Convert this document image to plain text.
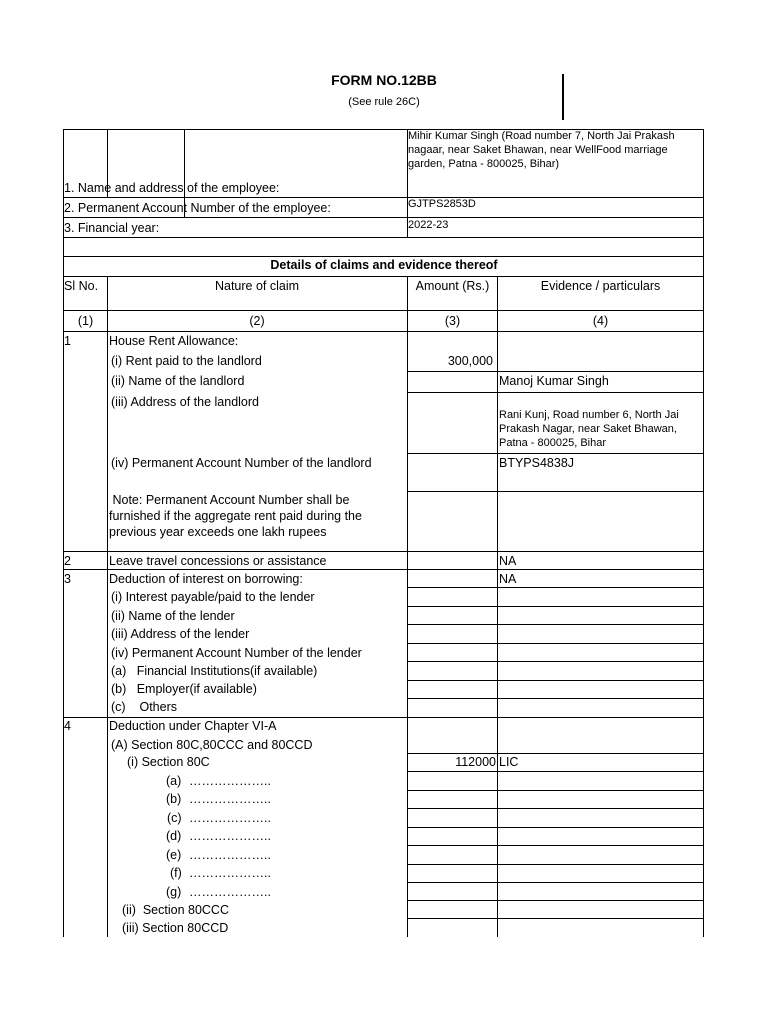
FORM NO.12BB
(See rule 26C)
Mihir Kumar Singh (Road number 7, North Jai Prakash
nagaar, near Saket Bhawan, near WellFood marriage
garden, Patna - 800025, Bihar)
1. Name and address of the employee:
2. Permanent Account Number of the employee:	GJTPS2853D
3. Financial year:	2022-23
Details of claims and evidence thereof
Sl No.	Nature of claim	Amount (Rs.)	Evidence / particulars
(1)	(2)	(3)	(4)
1	House Rent Allowance:
(i) Rent paid to the landlord	300,000
(ii) Name of the landlord	Manoj Kumar Singh
(iii) Address of the landlord
Rani Kunj, Road number 6, North Jai
Prakash Nagar, near Saket Bhawan,
Patna - 800025, Bihar
(iv) Permanent Account Number of the landlord	BTYPS4838J
Note: Permanent Account Number shall be
furnished if the aggregate rent paid during the
previous year exceeds one lakh rupees
2	Leave travel concessions or assistance	NA
3	Deduction of interest on borrowing:	NA
(i) Interest payable/paid to the lender
(ii) Name of the lender
(iii) Address of the lender
(iv) Permanent Account Number of the lender
(a)   Financial Institutions(if available)
(b)   Employer(if available)
(c)    Others
4	Deduction under Chapter VI-A
(A) Section 80C,80CCC and 80CCD
(i) Section 80C	112000 LIC
(a) ………………..
(b) ………………..
(c) ………………..
(d) ………………..
(e) ………………..
(f) ………………..
(g) ………………..
(ii)  Section 80CCC
(iii) Section 80CCD
